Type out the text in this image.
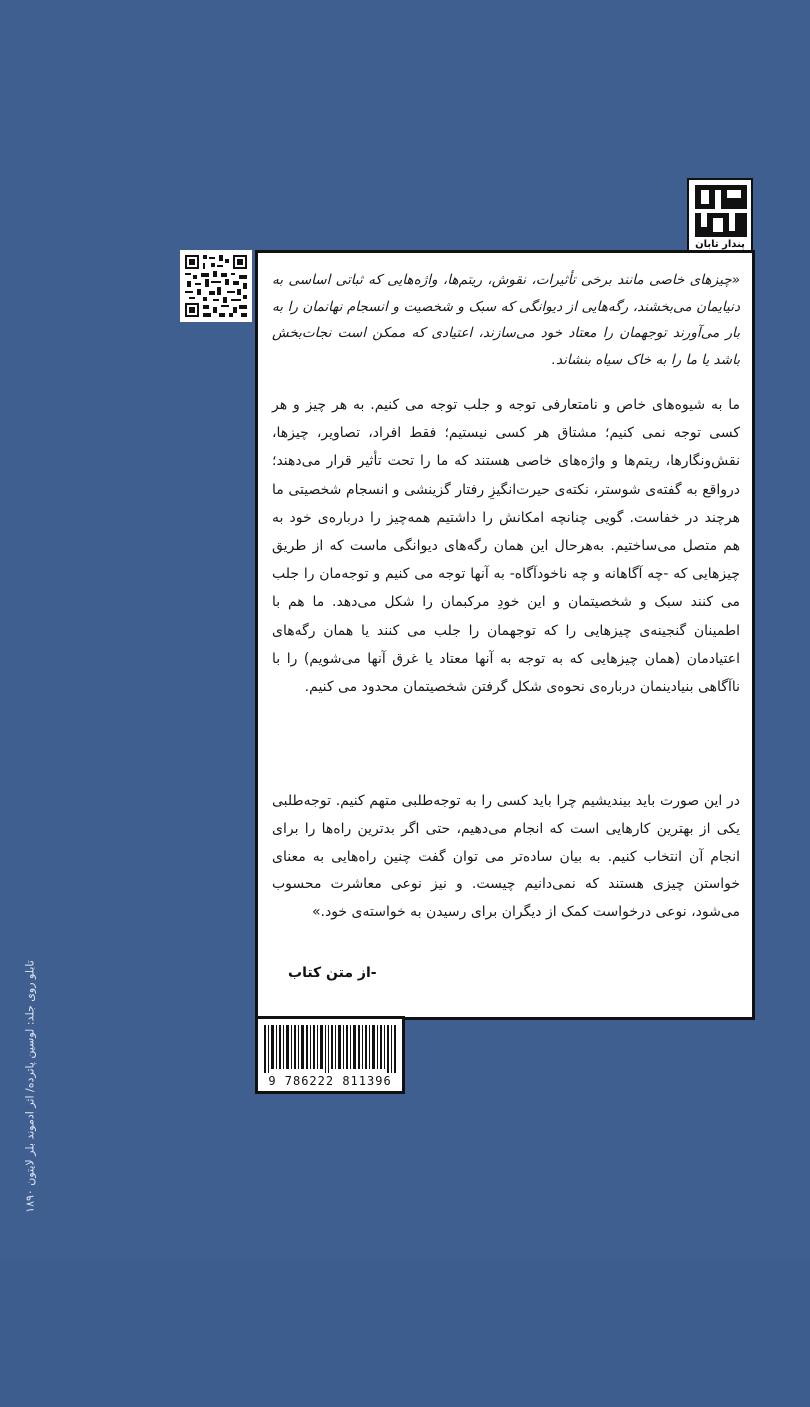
پندار تابان
«چیزهای خاصی مانند برخی تأثیرات، نقوش، ریتم‌ها، واژه‌هایی که ثباتی اساسی به دنیایمان می‌بخشند، رگه‌هایی از دیوانگی که سبک و شخصیت و انسجام نهانمان را به بار می‌آورند توجهمان را معتاد خود می‌سازند، اعتیادی که ممکن است نجات‌بخش باشد یا ما را به خاک سیاه بنشاند.
ما به شیوه‌های خاص و نامتعارفی توجه و جلب توجه می کنیم. به هر چیز و هر کسی توجه نمی کنیم؛ مشتاق هر کسی نیستیم؛ فقط افراد، تصاویر، چیزها، نقش‌ونگارها، ریتم‌ها و واژه‌های خاصی هستند که ما را تحت تأثیر قرار می‌دهند؛ درواقع به گفته‌ی شوستر، نکته‌ی حیرت‌انگیزِ رفتار گزینشی و انسجام شخصیتی ما هرچند در خفاست. گویی چنانچه امکانش را داشتیم همه‌چیز را درباره‌ی خود به هم متصل می‌ساختیم. به‌هرحال این همان رگه‌های دیوانگی ماست که از طریق چیزهایی که -چه آگاهانه و چه ناخودآگاه- به آنها توجه می کنیم و توجه‌مان را جلب می کنند سبک و شخصیتمان و این خودِ مرکبمان را شکل می‌دهد. ما هم با اطمینان گنجینه‌ی چیزهایی را که توجهمان را جلب می کنند یا همان رگه‌های اعتیادمان (همان چیزهایی که به توجه به آنها معتاد یا غرق آنها می‌شویم) را با ناآگاهی بنیادینمان درباره‌ی نحوه‌ی شکل گرفتن شخصیتمان محدود می کنیم.
در این صورت باید بیندیشیم چرا باید کسی را به توجه‌طلبی متهم کنیم. توجه‌طلبی یکی از بهترین کارهایی است که انجام می‌دهیم، حتی اگر بدترین راه‌ها را برای انجام آن انتخاب کنیم. به بیان ساده‌تر می توان گفت چنین راه‌هایی به معنای خواستن چیزی هستند که نمی‌دانیم چیست. و نیز نوعی معاشرت محسوب می‌شود، نوعی درخواست کمک از دیگران برای رسیدن به خواسته‌ی خود.»
-از متن کتاب
9 786222 811396
تابلو روی جلد: لوسین پاترده/ اثر ادموند بلر لایتون ۱۸۹۰
